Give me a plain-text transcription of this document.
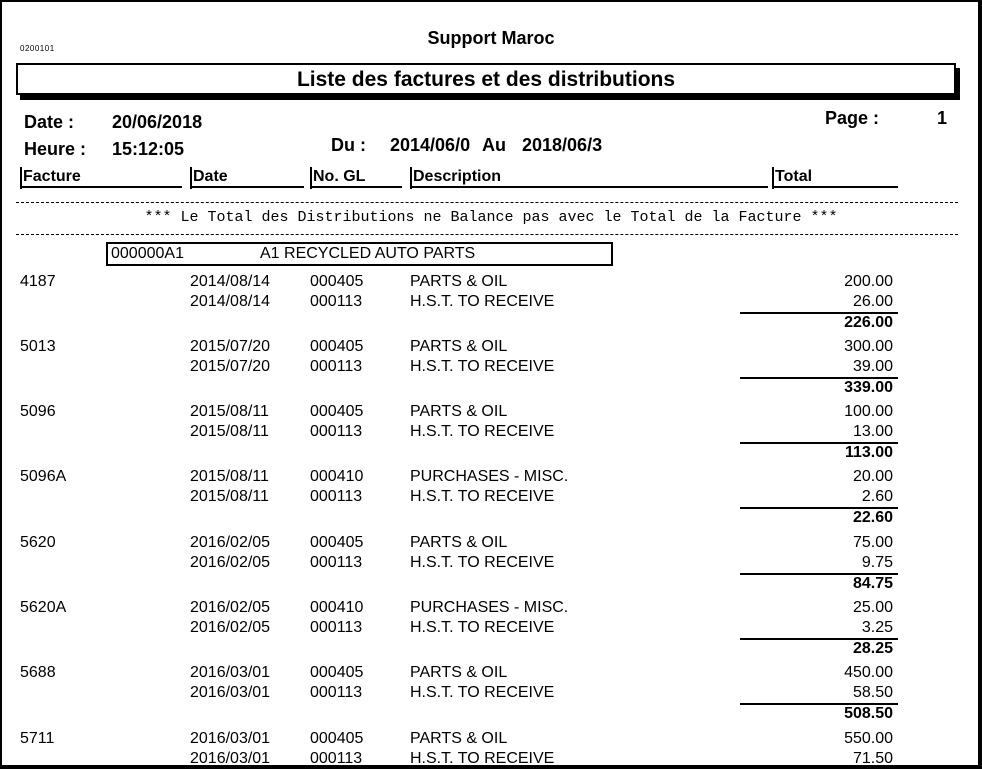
0200101
Support Maroc
Liste des factures et des distributions
Date : 20/06/2018
Heure : 15:12:05
Page :	1
Du : 2014/06/0 Au 2018/06/3
Facture	Date	No. GL	Description	Total
*** Le Total des Distributions ne Balance pas avec le Total de la Facture ***
000000A1	A1 RECYCLED AUTO PARTS
4187	2014/08/14 000405	PARTS & OIL	200.00
2014/08/14 000113	H.S.T. TO RECEIVE	26.00
226.00
5013	2015/07/20 000405	PARTS & OIL	300.00
2015/07/20 000113	H.S.T. TO RECEIVE	39.00
339.00
5096	2015/08/11	000405	PARTS & OIL	100.00
2015/08/11	000113	H.S.T. TO RECEIVE	13.00
113.00
5096A	2015/08/11	000410	PURCHASES - MISC.	20.00
2015/08/11	000113	H.S.T. TO RECEIVE	2.60
22.60
5620	2016/02/05 000405	PARTS & OIL	75.00
2016/02/05 000113	H.S.T. TO RECEIVE	9.75
84.75
5620A	2016/02/05 000410	PURCHASES - MISC.	25.00
2016/02/05 000113	H.S.T. TO RECEIVE	3.25
28.25
5688	2016/03/01 000405	PARTS & OIL	450.00
2016/03/01 000113	H.S.T. TO RECEIVE	58.50
508.50
5711	2016/03/01 000405	PARTS & OIL	550.00
2016/03/01 000113	H.S.T. TO RECEIVE	71.50
